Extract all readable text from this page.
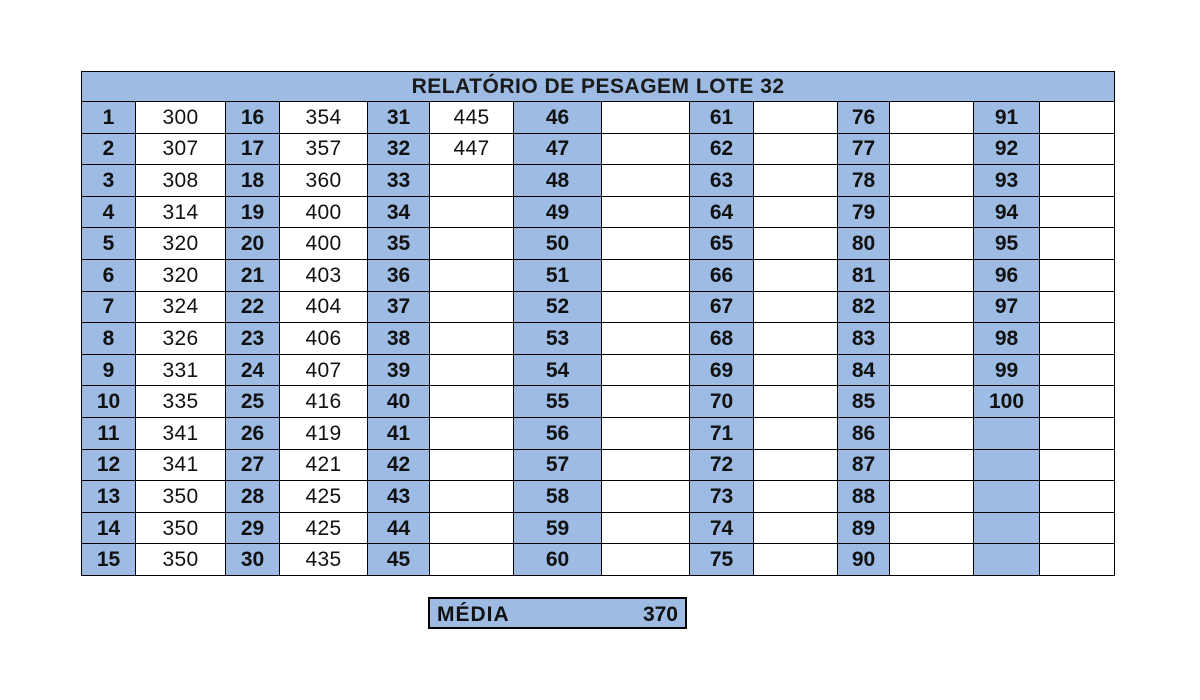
RELATÓRIO DE PESAGEM LOTE 32													
1	300	16	354	31	445	46		61		76		91	
2	307	17	357	32	447	47		62		77		92	
3	308	18	360	33		48		63		78		93	
4	314	19	400	34		49		64		79		94	
5	320	20	400	35		50		65		80		95	
6	320	21	403	36		51		66		81		96	
7	324	22	404	37		52		67		82		97	
8	326	23	406	38		53		68		83		98	
9	331	24	407	39		54		69		84		99	
10	335	25	416	40		55		70		85		100	
11	341	26	419	41		56		71		86			
12	341	27	421	42		57		72		87			
13	350	28	425	43		58		73		88			
14	350	29	425	44		59		74		89			
15	350	30	435	45		60		75		90			
MÉDIA	370
